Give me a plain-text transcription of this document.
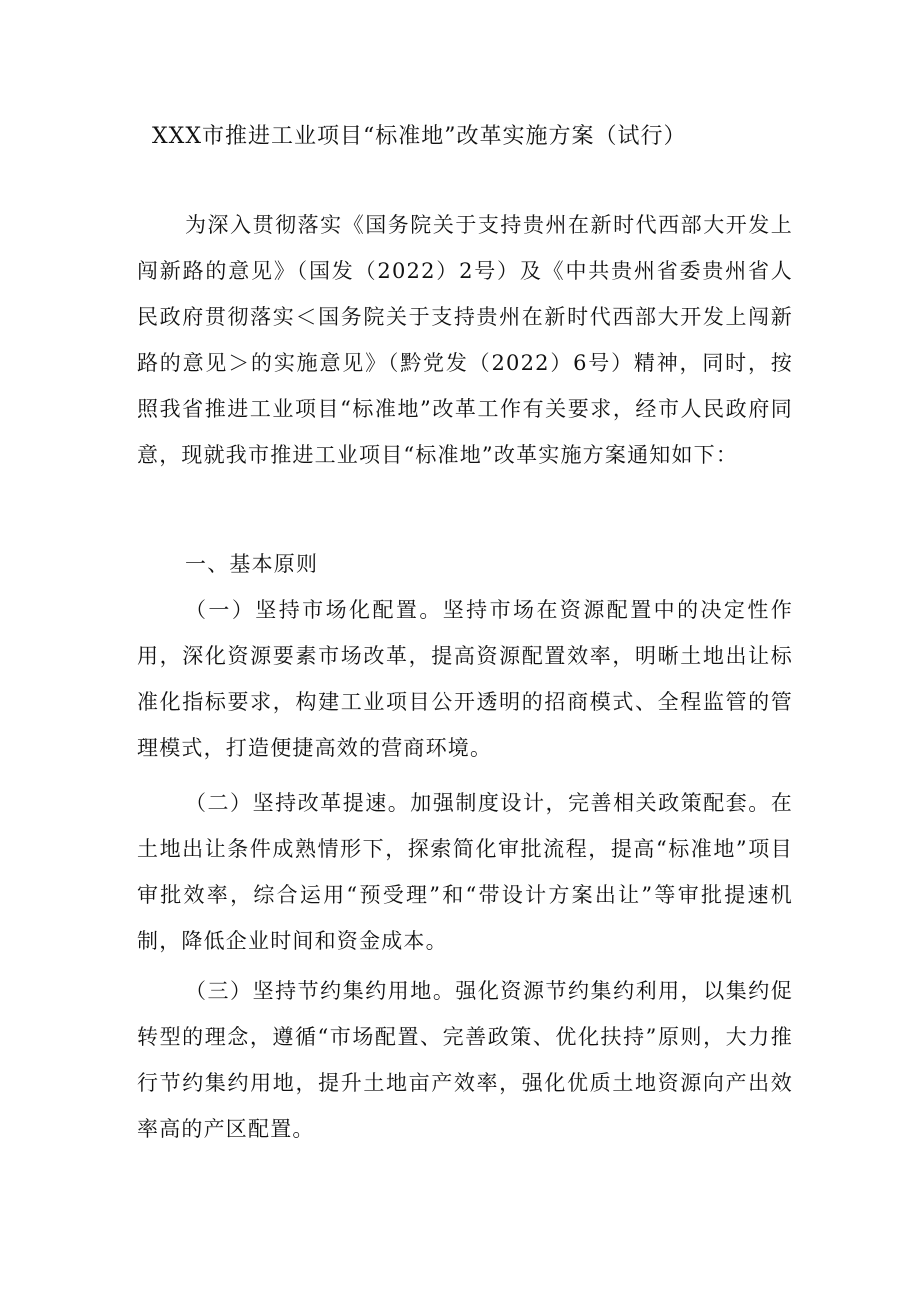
XXX市推进工业项目“标准地”改革实施方案（试行）

为深入贯彻落实《国务院关于支持贵州在新时代西部大开发上闯新路的意见》（国发（2022）2号）及《中共贵州省委贵州省人民政府贯彻落实＜国务院关于支持贵州在新时代西部大开发上闯新路的意见＞的实施意见》（黔党发（2022）6号）精神，同时，按照我省推进工业项目“标准地”改革工作有关要求，经市人民政府同意，现就我市推进工业项目“标准地”改革实施方案通知如下：

一、基本原则

（一）坚持市场化配置。坚持市场在资源配置中的决定性作用，深化资源要素市场改革，提高资源配置效率，明晰土地出让标准化指标要求，构建工业项目公开透明的招商模式、全程监管的管理模式，打造便捷高效的营商环境。

（二）坚持改革提速。加强制度设计，完善相关政策配套。在土地出让条件成熟情形下，探索简化审批流程，提高“标准地”项目审批效率，综合运用“预受理”和“带设计方案出让”等审批提速机制，降低企业时间和资金成本。

（三）坚持节约集约用地。强化资源节约集约利用，以集约促转型的理念，遵循“市场配置、完善政策、优化扶持”原则，大力推行节约集约用地，提升土地亩产效率，强化优质土地资源向产出效率高的产区配置。
